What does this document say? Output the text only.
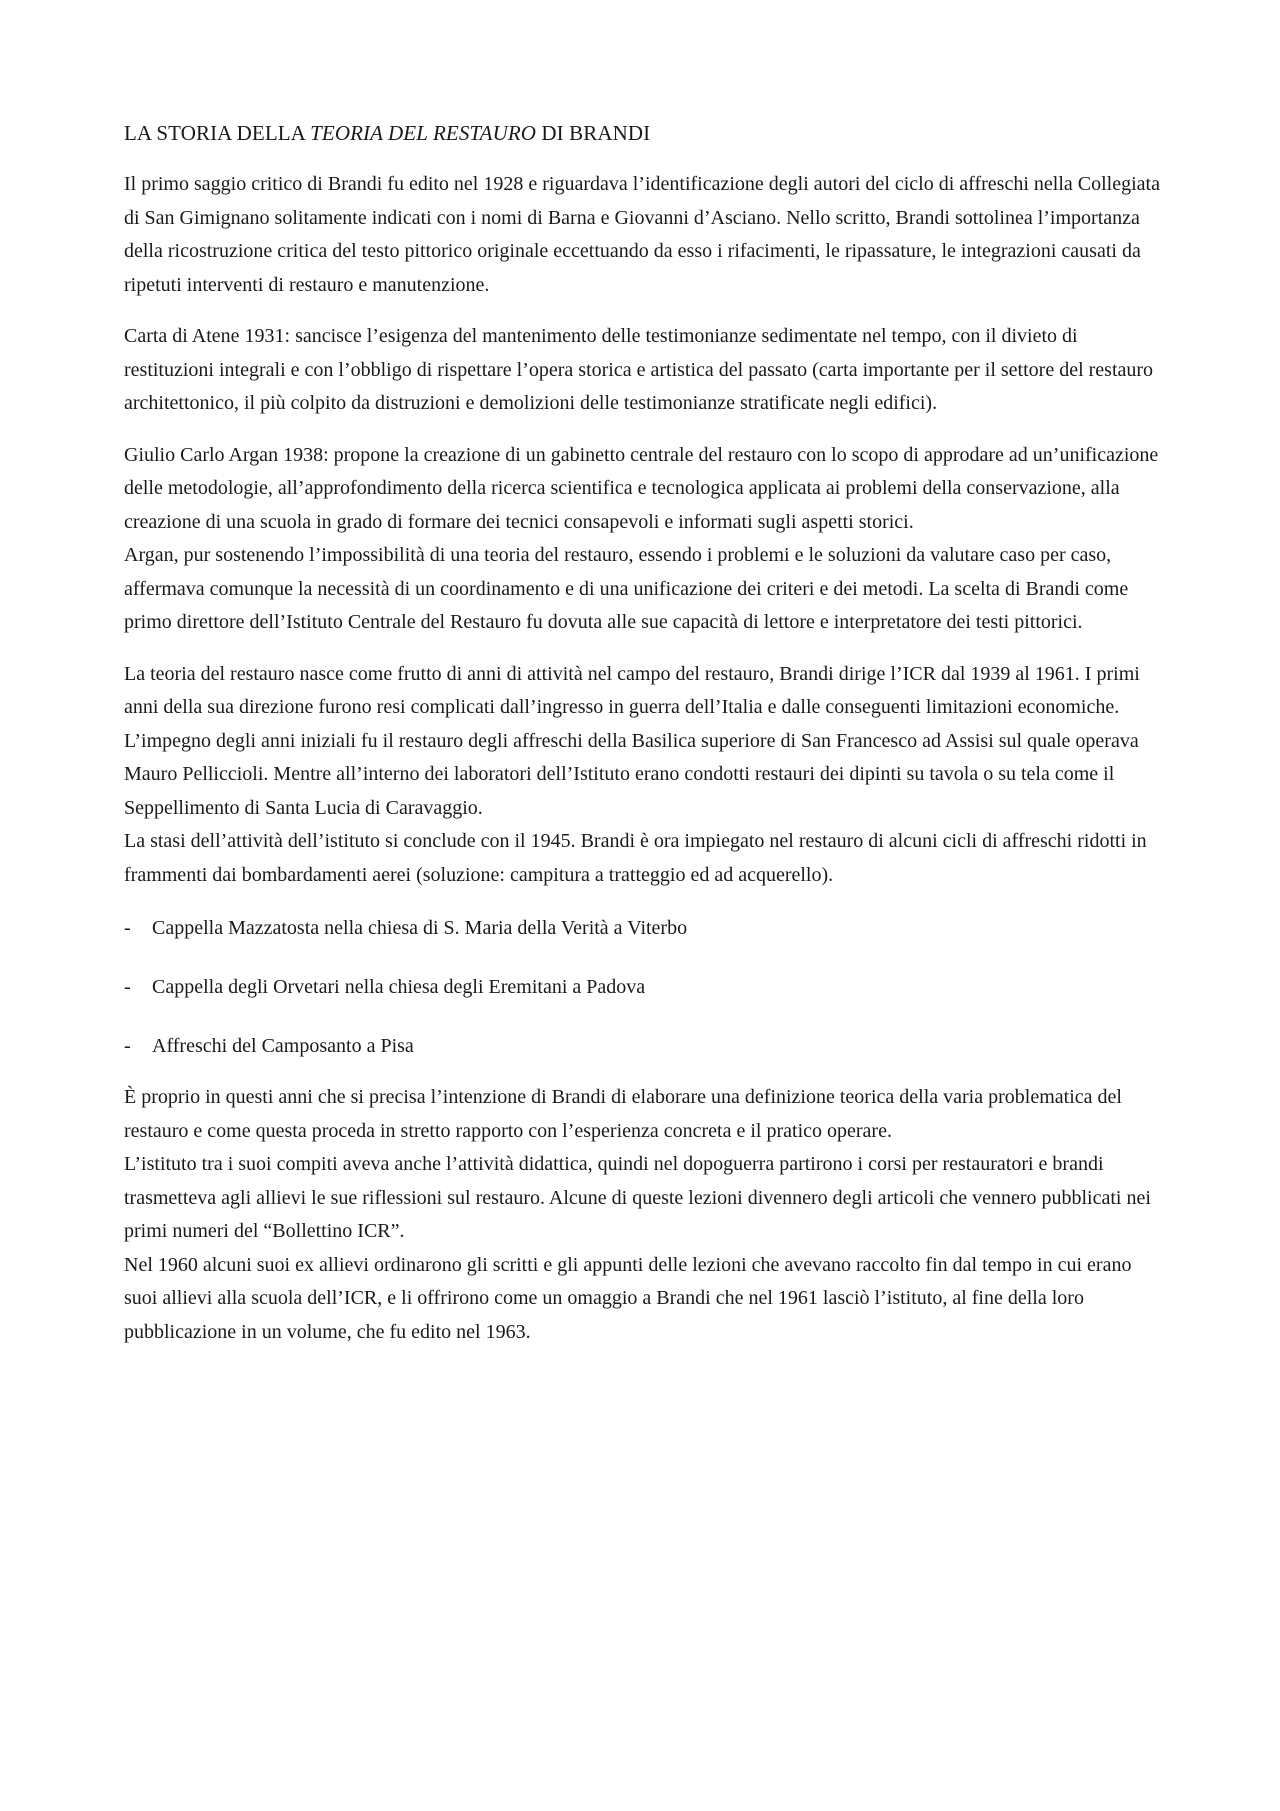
LA STORIA DELLA TEORIA DEL RESTAURO DI BRANDI

Il primo saggio critico di Brandi fu edito nel 1928 e riguardava l’identificazione degli autori del ciclo di affreschi nella Collegiata di San Gimignano solitamente indicati con i nomi di Barna e Giovanni d’Asciano. Nello scritto, Brandi sottolinea l’importanza della ricostruzione critica del testo pittorico originale eccettuando da esso i rifacimenti, le ripassature, le integrazioni causati da ripetuti interventi di restauro e manutenzione.

Carta di Atene 1931: sancisce l’esigenza del mantenimento delle testimonianze sedimentate nel tempo, con il divieto di restituzioni integrali e con l’obbligo di rispettare l’opera storica e artistica del passato (carta importante per il settore del restauro architettonico, il più colpito da distruzioni e demolizioni delle testimonianze stratificate negli edifici).

Giulio Carlo Argan 1938: propone la creazione di un gabinetto centrale del restauro con lo scopo di approdare ad un’unificazione delle metodologie, all’approfondimento della ricerca scientifica e tecnologica applicata ai problemi della conservazione, alla creazione di una scuola in grado di formare dei tecnici consapevoli e informati sugli aspetti storici.

Argan, pur sostenendo l’impossibilità di una teoria del restauro, essendo i problemi e le soluzioni da valutare caso per caso, affermava comunque la necessità di un coordinamento e di una unificazione dei criteri e dei metodi. La scelta di Brandi come primo direttore dell’Istituto Centrale del Restauro fu dovuta alle sue capacità di lettore e interpretatore dei testi pittorici.

La teoria del restauro nasce come frutto di anni di attività nel campo del restauro, Brandi dirige l’ICR dal 1939 al 1961. I primi anni della sua direzione furono resi complicati dall’ingresso in guerra dell’Italia e dalle conseguenti limitazioni economiche.

L’impegno degli anni iniziali fu il restauro degli affreschi della Basilica superiore di San Francesco ad Assisi sul quale operava Mauro Pelliccioli. Mentre all’interno dei laboratori dell’Istituto erano condotti restauri dei dipinti su tavola o su tela come il Seppellimento di Santa Lucia di Caravaggio.

La stasi dell’attività dell’istituto si conclude con il 1945. Brandi è ora impiegato nel restauro di alcuni cicli di affreschi ridotti in frammenti dai bombardamenti aerei (soluzione: campitura a tratteggio ed ad acquerello).

- Cappella Mazzatosta nella chiesa di S. Maria della Verità a Viterbo
- Cappella degli Orvetari nella chiesa degli Eremitani a Padova
- Affreschi del Camposanto a Pisa

È proprio in questi anni che si precisa l’intenzione di Brandi di elaborare una definizione teorica della varia problematica del restauro e come questa proceda in stretto rapporto con l’esperienza concreta e il pratico operare.

L’istituto tra i suoi compiti aveva anche l’attività didattica, quindi nel dopoguerra partirono i corsi per restauratori e brandi trasmetteva agli allievi le sue riflessioni sul restauro. Alcune di queste lezioni divennero degli articoli che vennero pubblicati nei primi numeri del “Bollettino ICR”.

Nel 1960 alcuni suoi ex allievi ordinarono gli scritti e gli appunti delle lezioni che avevano raccolto fin dal tempo in cui erano suoi allievi alla scuola dell’ICR, e li offrirono come un omaggio a Brandi che nel 1961 lasciò l’istituto, al fine della loro pubblicazione in un volume, che fu edito nel 1963.
